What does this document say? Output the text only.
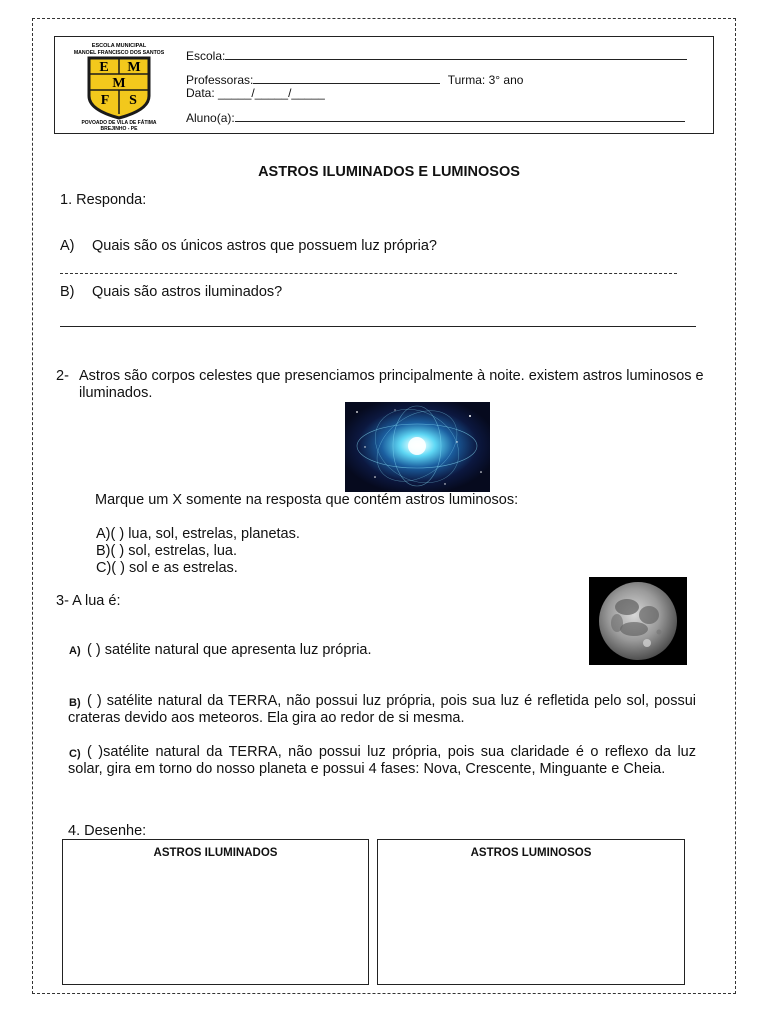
ESCOLA MUNICIPAL
MANOEL FRANCISCO DOS SANTOS
E M
M
F S
POVOADO DE VILA DE FÁTIMA
BREJINHO - PE
Escola:
Professoras:	Turma: 3° ano
Data: _____/_____/_____
Aluno(a):
ASTROS ILUMINADOS E LUMINOSOS
1. Responda:
A) Quais são os únicos astros que possuem luz própria?
B) Quais são astros iluminados?
2- Astros são corpos celestes que presenciamos principalmente à noite. existem astros luminosos e iluminados.
Marque um X somente na resposta que contém astros luminosos:
A)( ) lua, sol, estrelas, planetas.
B)( ) sol, estrelas, lua.
C)( ) sol e as estrelas.
3- A lua é:
A) ( ) satélite natural que apresenta luz própria.
B) ( ) satélite natural da TERRA, não possui luz própria, pois sua luz é refletida pelo sol, possui crateras devido aos meteoros. Ela gira ao redor de si mesma.
C) ( )satélite natural da TERRA, não possui luz própria, pois sua claridade é o reflexo da luz solar, gira em torno do nosso planeta e possui 4 fases: Nova, Crescente, Minguante e Cheia.
4. Desenhe:
ASTROS ILUMINADOS	ASTROS LUMINOSOS
